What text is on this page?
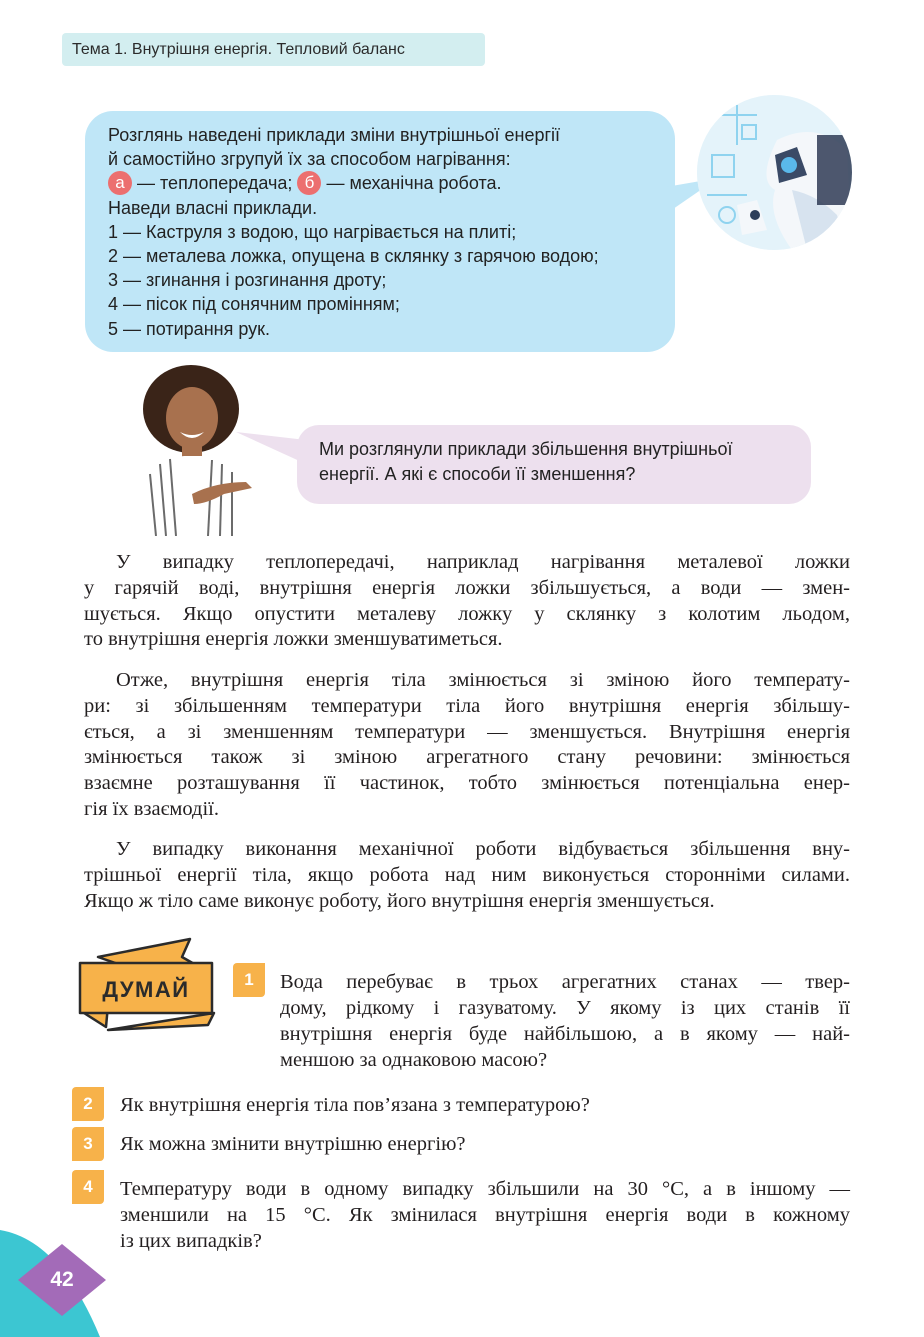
Тема 1. Внутрішня енергія. Тепловий баланс
Розглянь наведені приклади зміни внутрішньої енергії
й самостійно згрупуй їх за способом нагрівання:
а — теплопередача; б — механічна робота.
Наведи власні приклади.
1 — Каструля з водою, що нагрівається на плиті;
2 — металева ложка, опущена в склянку з гарячою водою;
3 — згинання і розгинання дроту;
4 — пісок під сонячним промінням;
5 — потирання рук.
Ми розглянули приклади збільшення внутрішньої
енергії. А які є способи її зменшення?
У випадку теплопередачі, наприклад нагрівання металевої ложки
у гарячій воді, внутрішня енергія ложки збільшується, а води — змен-
шується. Якщо опустити металеву ложку у склянку з колотим льодом,
то внутрішня енергія ложки зменшуватиметься.
Отже, внутрішня енергія тіла змінюється зі зміною його температу-
ри: зі збільшенням температури тіла його внутрішня енергія збільшу-
ється, а зі зменшенням температури — зменшується. Внутрішня енергія
змінюється також зі зміною агрегатного стану речовини: змінюється
взаємне розташування її частинок, тобто змінюється потенціальна енер-
гія їх взаємодії.
У випадку виконання механічної роботи відбувається збільшення вну-
трішньої енергії тіла, якщо робота над ним виконується сторонніми силами.
Якщо ж тіло саме виконує роботу, його внутрішня енергія зменшується.
ДУМАЙ	1	Вода перебуває в трьох агрегатних станах — твер-
дому, рідкому і газуватому. У якому із цих станів її
внутрішня енергія буде найбільшою, а в якому — най-
меншою за однаковою масою?
2	Як внутрішня енергія тіла пов’язана з температурою?
3	Як можна змінити внутрішню енергію?
4	Температуру води в одному випадку збільшили на 30 °С, а в іншому —
зменшили на 15 °С. Як змінилася внутрішня енергія води в кожному
із цих випадків?
42
